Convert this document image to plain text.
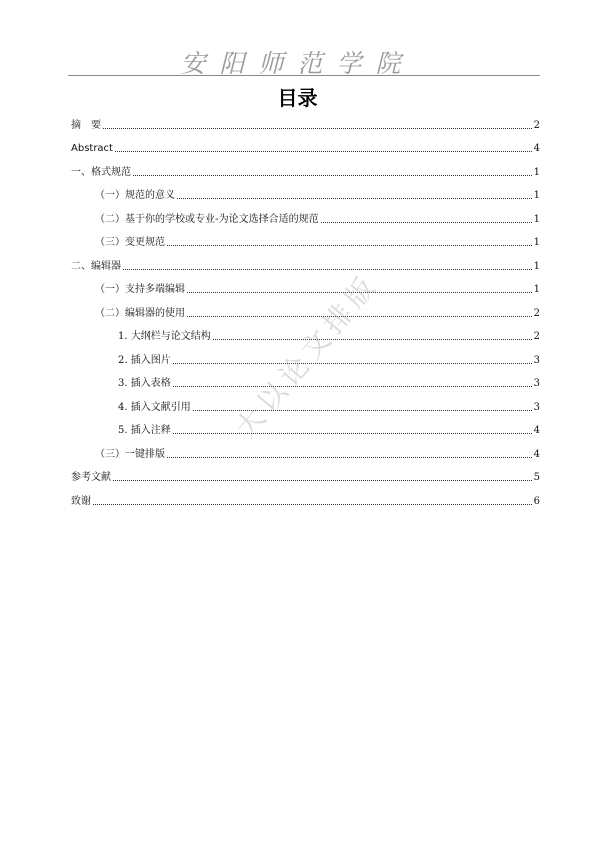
安阳师范学院
目录
摘　要	2
Abstract	4
一、格式规范	1
（一）规范的意义	1
（二）基于你的学校或专业-为论文选择合适的规范	1
（三）变更规范	1
二、编辑器	1
（一）支持多端编辑	1
（二）编辑器的使用	2
1. 大纲栏与论文结构	2
2. 插入图片	3
3. 插入表格	3
4. 插入文献引用	3
5. 插入注释	4
（三）一键排版	4
参考文献	5
致谢	6
大以论文排版
